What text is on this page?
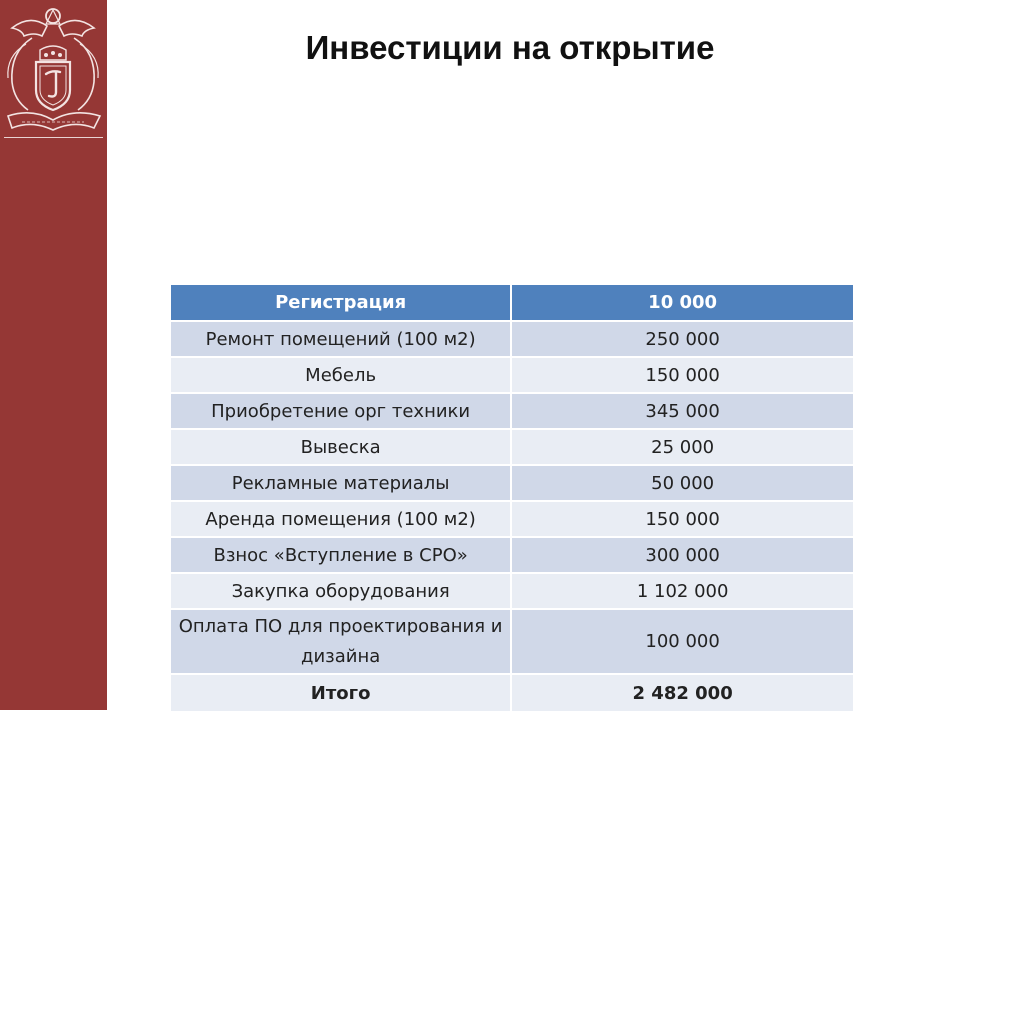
Инвестиции на открытие
Регистрация	10 000
Ремонт помещений (100 м2)	250 000
Мебель	150 000
Приобретение орг техники	345 000
Вывеска	25 000
Рекламные материалы	50 000
Аренда помещения (100 м2)	150 000
Взнос «Вступление в СРО»	300 000
Закупка оборудования	1 102 000
Оплата ПО для проектирования и дизайна	100 000
Итого	2 482 000
